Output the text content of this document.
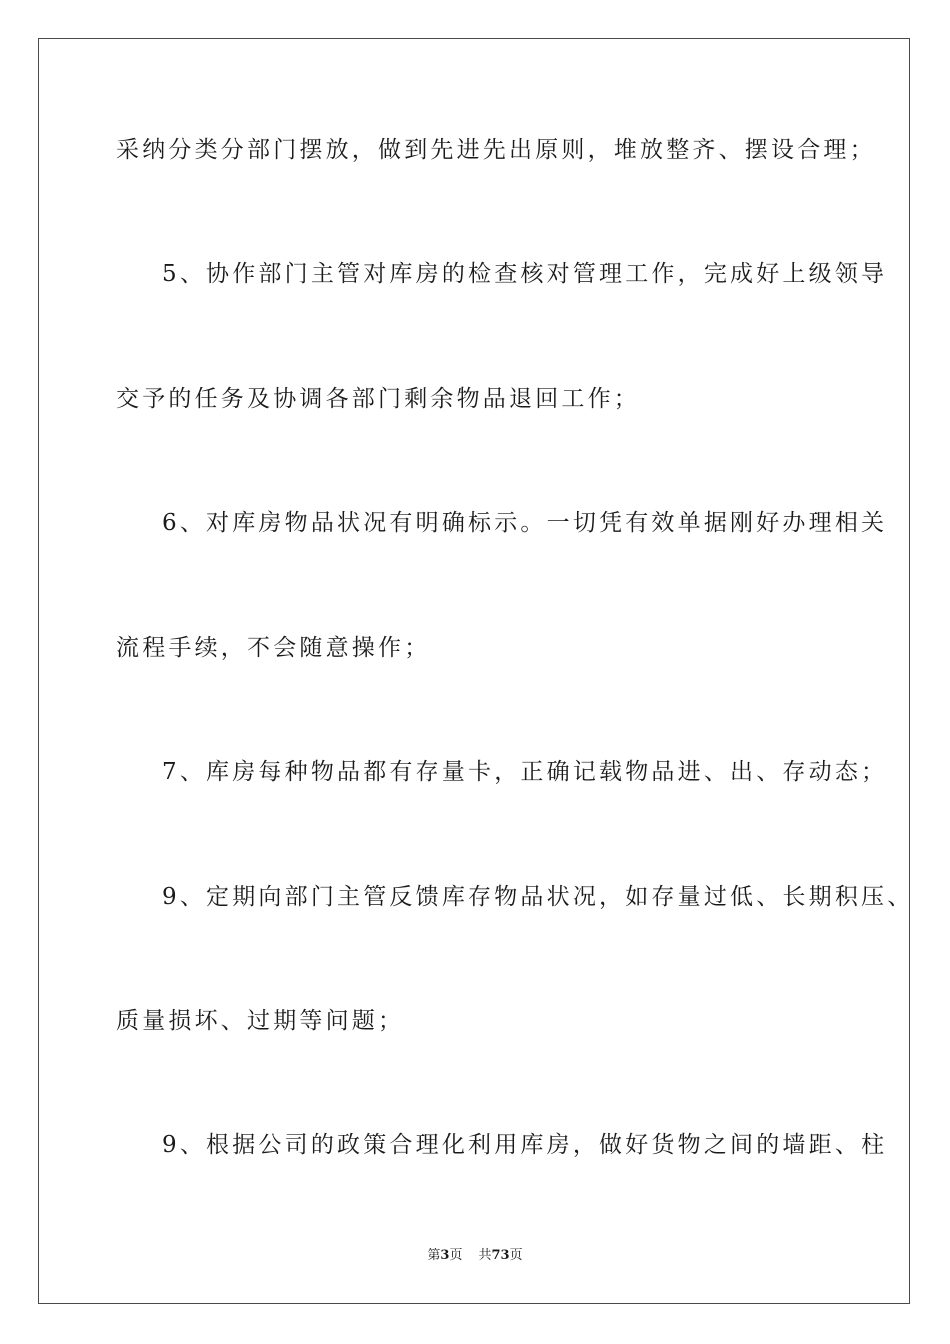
采纳分类分部门摆放，做到先进先出原则，堆放整齐、摆设合理；
5、协作部门主管对库房的检查核对管理工作，完成好上级领导
交予的任务及协调各部门剩余物品退回工作；
6、对库房物品状况有明确标示。一切凭有效单据刚好办理相关
流程手续，不会随意操作；
7、库房每种物品都有存量卡，正确记载物品进、出、存动态；
9、定期向部门主管反馈库存物品状况，如存量过低、长期积压、
质量损坏、过期等问题；
9、根据公司的政策合理化利用库房，做好货物之间的墙距、柱
第3页 共73页
